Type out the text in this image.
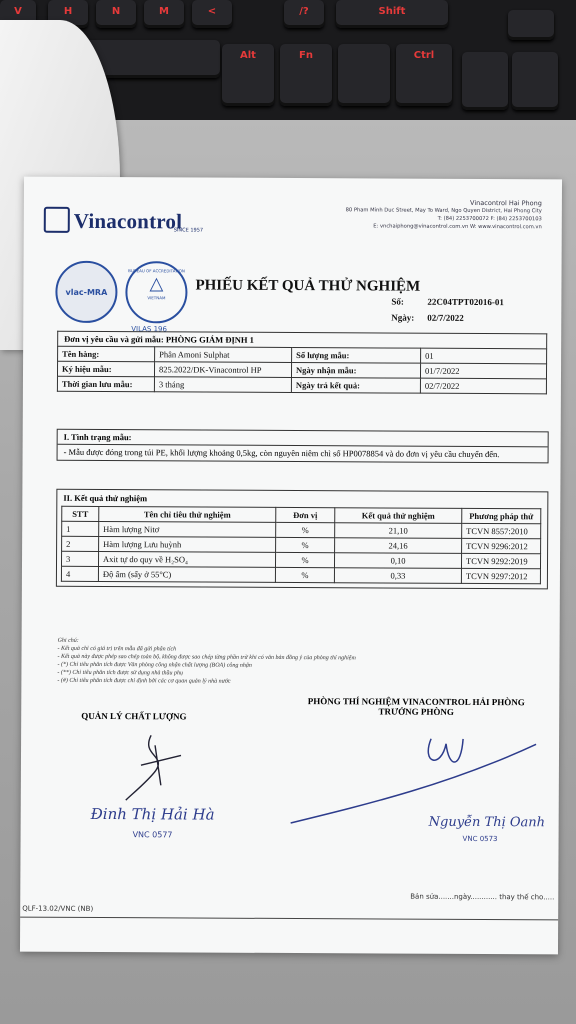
V	H	N	M	<	/?	Shift
Alt	Fn	Ctrl
Vinacontrol
SINCE 1957
Vinacontrol Hai Phong
80 Pham Minh Duc Street, May To Ward, Ngo Quyen District, Hai Phong City
T: (84) 2253700072 F: (84) 2253700103
E: vnchaiphong@vinacontrol.com.vn W: www.vinacontrol.com.vn
vlac-MRA
BUREAU OF ACCREDITATION
△
VIETNAM
VILAS 196
PHIẾU KẾT QUẢ THỬ NGHIỆM
Số:	22C04TPT02016-01
Ngày: 02/7/2022
Đơn vị yêu cầu và gửi mẫu: PHÒNG GIÁM ĐỊNH 1
Tên hàng:	Phân Amoni Sulphat	Số lượng mẫu:	01
Ký hiệu mẫu:	825.2022/DK-Vinacontrol HP	Ngày nhận mẫu:	01/7/2022
Thời gian lưu mẫu:	3 tháng	Ngày trả kết quả:	02/7/2022
I. Tình trạng mẫu:
- Mẫu được đóng trong túi PE, khối lượng khoảng 0,5kg, còn nguyên niêm chì số HP0078854 và do đơn vị yêu cầu chuyển đến.
II. Kết quả thử nghiệm
STT	Tên chỉ tiêu thử nghiệm	Đơn vị	Kết quả thử nghiệm	Phương pháp thử
1	Hàm lượng Nitơ	%	21,10	TCVN 8557:2010
2	Hàm lượng Lưu huỳnh	%	24,16	TCVN 9296:2012
3	Axit tự do quy về H₂SO₄	%	0,10	TCVN 9292:2019
4	Độ ẩm (sấy ở 55°C)	%	0,33	TCVN 9297:2012
Ghi chú:
- Kết quả chỉ có giá trị trên mẫu đã gửi phân tích
- Kết quả này được phép sao chép toàn bộ, không được sao chép từng phần trừ khi có văn bản đồng ý của phòng thí nghiệm
- (*) Chỉ tiêu phân tích được Văn phòng công nhận chất lượng (BOA) công nhận
- (**) Chỉ tiêu phân tích được sử dụng nhà thầu phụ
- (#) Chỉ tiêu phân tích được chỉ định bởi các cơ quan quản lý nhà nước
PHÒNG THÍ NGHIỆM VINACONTROL HẢI PHÒNG
TRƯỞNG PHÒNG
QUẢN LÝ CHẤT LƯỢNG
Đinh Thị Hải Hà
VNC 0577
Nguyễn Thị Oanh
VNC 0573
Bản sửa.......ngày............ thay thế cho.....
QLF-13.02/VNC (NB)
